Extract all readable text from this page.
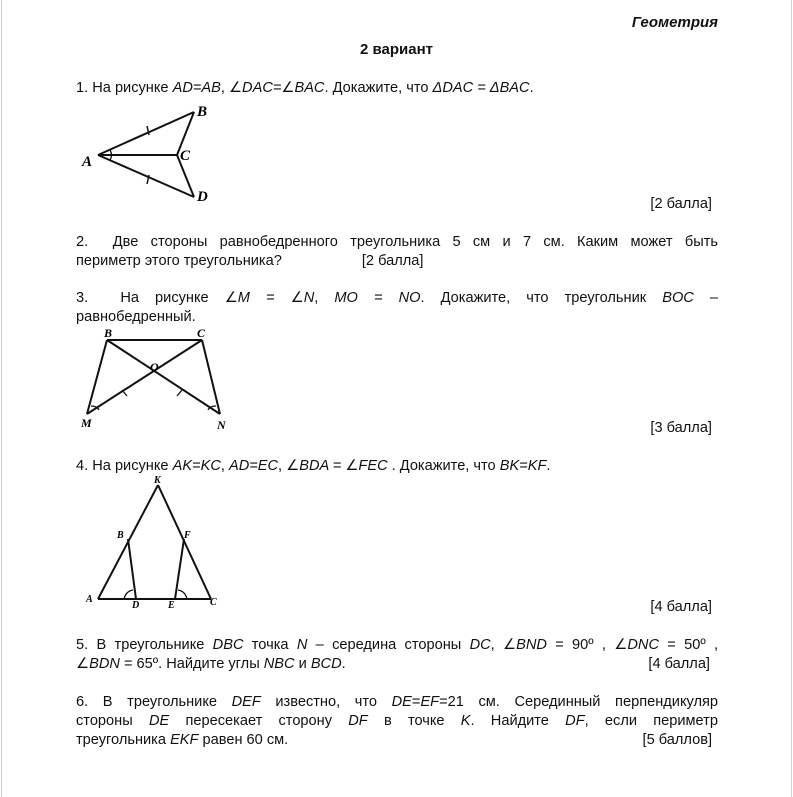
Геометрия
2 вариант
1. На рисунке AD=AB, ∠DAC=∠BAC. Докажите, что ΔDAC = ΔBAC.
A
B
C
D	[2 балла]
2. Две стороны равнобедренного треугольника 5 см и 7 см. Каким может быть
периметр этого треугольника?	[2 балла]
3. На рисунке ∠M = ∠N, MO = NO. Докажите, что треугольник BOC –
равнобедренный.
B	C
O
M	N	[3 балла]
4. На рисунке AK=KC, AD=EC, ∠BDA = ∠FEC . Докажите, что BK=KF.
K
B	F
A
D	E	C	[4 балла]
5. В треугольнике DBC точка N – середина стороны DC, ∠BND = 90º , ∠DNC = 50º ,
∠BDN = 65º. Найдите углы NBC и BCD.	[4 балла]
6. В треугольнике DEF известно, что DE=EF=21 см. Серединный перпендикуляр
стороны DE пересекает сторону DF в точке K. Найдите DF, если периметр
треугольника EKF равен 60 см.	[5 баллов]
